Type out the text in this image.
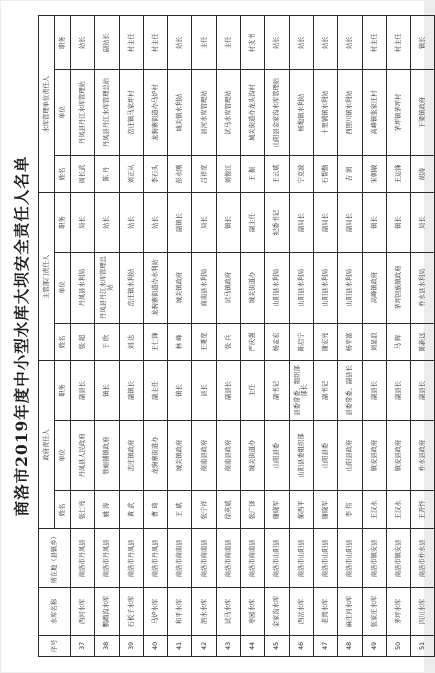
商洛市2019年度中小型水库大坝安全责任人名单
序号	水库名称	所在地（县镇乡）	政府责任人			主管部门责任人			水库管理单位责任人		
			姓名	单位	职务	姓名	单位	职务	姓名	单位	职务
37	西河水库	商洛市丹凤县	张仁亮	丹凤县人民政府	副县长	张 超	丹凤县水利局	局长	周长武	丹凤县丹江水库管理站	站长
38	鹦鹉沟水库	商洛市丹凤县	姚 涛	铁峪铺镇政府	镇长	于 欣	丹凤县丹江水库管理总站	站长	陈 丹	丹凤县丹江水库管理总站	副站长
39	石板子水库	商洛市丹凤县	黄 武	峦庄镇政府	副镇长	刘 达	峦庄镇水利站	站长	刘正从	峦庄镇马家坪村	村主任
40	马炉水库	商洛市丹凤县	曹 琦	龙驹寨街道办	副主任	王仁锋	龙驹寨街道办水利站	站长	李石头	龙驹寨街道办马炉村	村主任
41	和平水库	商洛市商南县	王 斌	城关镇政府	镇长	林 峰	城关镇政府	副镇长	彭永刚	城关镇水利站	站长
42	泗水水库	商洛市商南县	张宁祥	商南县政府	县长	王秉宽	商南县水利局	局长	吕祥宽	县河水库管理站	主任
43	试马水库	商洛市商南县	徐英斌	商南县政府	副县长	张 兵	试马镇政府	镇长	刘俊江	试马水库管理站	主任
44	枣园水库	商洛市商南县	张广泽	城关街道办	主任	严庆强	城关街道办	副主任	王 振	城关街道办龙头沟村	村支书
45	金家沟水库	商洛市山阳县	谢晓军	山阳县委	副书记	杨孟宏	山阳县水利局	纪委书记	王云斌	山阳县金家沟水库管理站	站长
46	西岔水库	商洛市山阳县	郝西平	山阳县委组织部	县委常委、组织部部长	陈启宁	山阳县水利局	副局长	宁克波	杨地镇水利站	站长
47	老湾水库	商洛市山阳县	谢晓军	山阳县委	副书记	谢宏亮	山阳县水利局	副局长	石帮勤	十里铺镇水利站	站长
48	麻庄河水库	商洛市山阳县	李 伟	山阳县政府	县委常委、副县长	杨平富	山阳县水利局	副局长	吉 润	西照川镇水利站	站长
49	张家庄水库	商洛市镇安县	王汉永	镇安县政府	副县长	刘显浪	高峰镇政府	镇长	宋朝敏	高峰镇张家庄村	村主任
50	茅坪水库	商洛市镇安县	王汉永	镇安县政府	副县长	马 辉	茅坪回族镇政府	镇长	王运锋	茅坪镇茅坪村	村主任
51	四川水库	商洛市柞水县	王开怀	柞水县政府	副县长	陈新远	柞水县水利局	局长	胡涛	下梁镇政府	镇长
